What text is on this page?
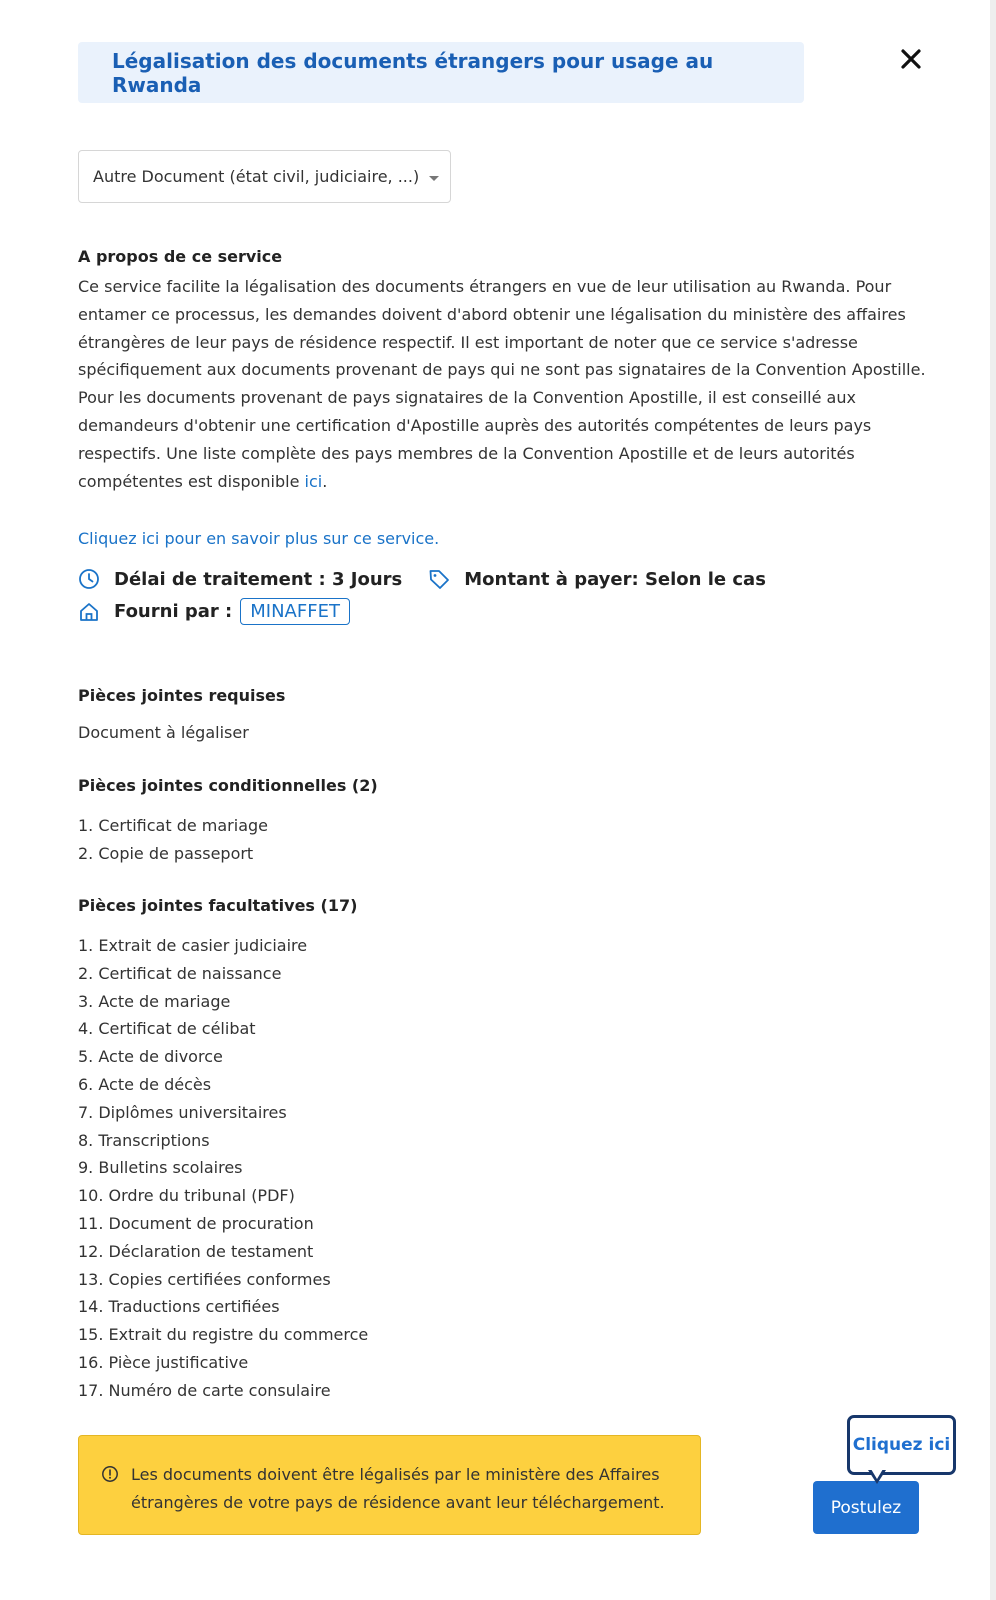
Légalisation des documents étrangers pour usage au Rwanda
Autre Document (état civil, judiciaire, ...)
A propos de ce service
Ce service facilite la légalisation des documents étrangers en vue de leur utilisation au Rwanda. Pour entamer ce processus, les demandes doivent d'abord obtenir une légalisation du ministère des affaires étrangères de leur pays de résidence respectif. Il est important de noter que ce service s'adresse spécifiquement aux documents provenant de pays qui ne sont pas signataires de la Convention Apostille. Pour les documents provenant de pays signataires de la Convention Apostille, il est conseillé aux demandeurs d'obtenir une certification d'Apostille auprès des autorités compétentes de leurs pays respectifs. Une liste complète des pays membres de la Convention Apostille et de leurs autorités compétentes est disponible ici.
Cliquez ici pour en savoir plus sur ce service.
Délai de traitement : 3 Jours	Montant à payer: Selon le cas
Fourni par :	MINAFFET
Pièces jointes requises
Document à légaliser
Pièces jointes conditionnelles (2)
1. Certificat de mariage
2. Copie de passeport
Pièces jointes facultatives (17)
1. Extrait de casier judiciaire
2. Certificat de naissance
3. Acte de mariage
4. Certificat de célibat
5. Acte de divorce
6. Acte de décès
7. Diplômes universitaires
8. Transcriptions
9. Bulletins scolaires
10. Ordre du tribunal (PDF)
11. Document de procuration
12. Déclaration de testament
13. Copies certifiées conformes
14. Traductions certifiées
15. Extrait du registre du commerce
16. Pièce justificative
17. Numéro de carte consulaire
Les documents doivent être légalisés par le ministère des Affaires
étrangères de votre pays de résidence avant leur téléchargement.	Postulez
Cliquez ici
